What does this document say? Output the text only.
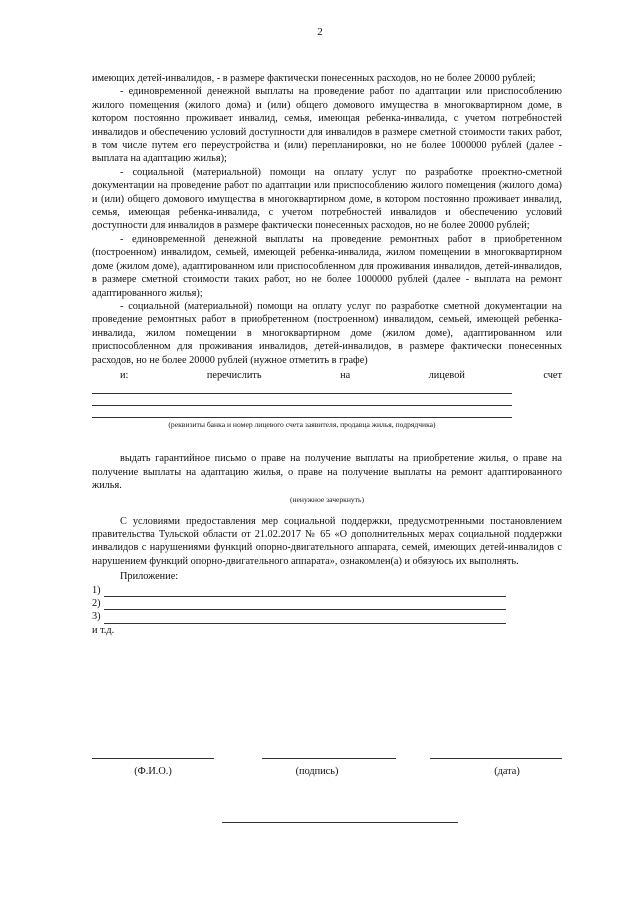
2

имеющих детей-инвалидов, - в размере фактически понесенных расходов, но не более 20000 рублей;

- единовременной денежной выплаты на проведение работ по адаптации или приспособлению жилого помещения (жилого дома) и (или) общего домового имущества в многоквартирном доме, в котором постоянно проживает инвалид, семья, имеющая ребенка-инвалида, с учетом потребностей инвалидов и обеспечению условий доступности для инвалидов в размере сметной стоимости таких работ, в том числе путем его переустройства и (или) перепланировки, но не более 1000000 рублей (далее - выплата на адаптацию жилья);

- социальной (материальной) помощи на оплату услуг по разработке проектно-сметной документации на проведение работ по адаптации или приспособлению жилого помещения (жилого дома) и (или) общего домового имущества в многоквартирном доме, в котором постоянно проживает инвалид, семья, имеющая ребенка-инвалида, с учетом потребностей инвалидов и обеспечению условий доступности для инвалидов в размере фактически понесенных расходов, но не более 20000 рублей;

- единовременной денежной выплаты на проведение ремонтных работ в приобретенном (построенном) инвалидом, семьей, имеющей ребенка-инвалида, жилом помещении в многоквартирном доме (жилом доме), адаптированном или приспособленном для проживания инвалидов, детей-инвалидов, в размере сметной стоимости таких работ, но не более 1000000 рублей (далее - выплата на ремонт адаптированного жилья);

- социальной (материальной) помощи на оплату услуг по разработке сметной документации на проведение ремонтных работ в приобретенном (построенном) инвалидом, семьей, имеющей ребенка-инвалида, жилом помещении в многоквартирном доме (жилом доме), адаптированном или приспособленном для проживания инвалидов, детей-инвалидов, в размере фактически понесенных расходов, но не более 20000 рублей (нужное отметить в графе)

и:	перечислить	на	лицевой	счет
(реквизиты банка и номер лицевого счета заявителя, продавца жилья, подрядчика)

выдать гарантийное письмо о праве на получение выплаты на приобретение жилья, о праве на получение выплаты на адаптацию жилья, о праве на получение выплаты на ремонт адаптированного жилья.

(ненужное зачеркнуть)

С условиями предоставления мер социальной поддержки, предусмотренными постановлением правительства Тульской области от 21.02.2017 № 65 «О дополнительных мерах социальной поддержки инвалидов с нарушениями функций опорно-двигательного аппарата, семей, имеющих детей-инвалидов с нарушением функций опорно-двигательного аппарата», ознакомлен(а) и обязуюсь их выполнять.

Приложение:

1)
2)
3)

и т.д.

(Ф.И.О.)	(подпись)	(дата)
